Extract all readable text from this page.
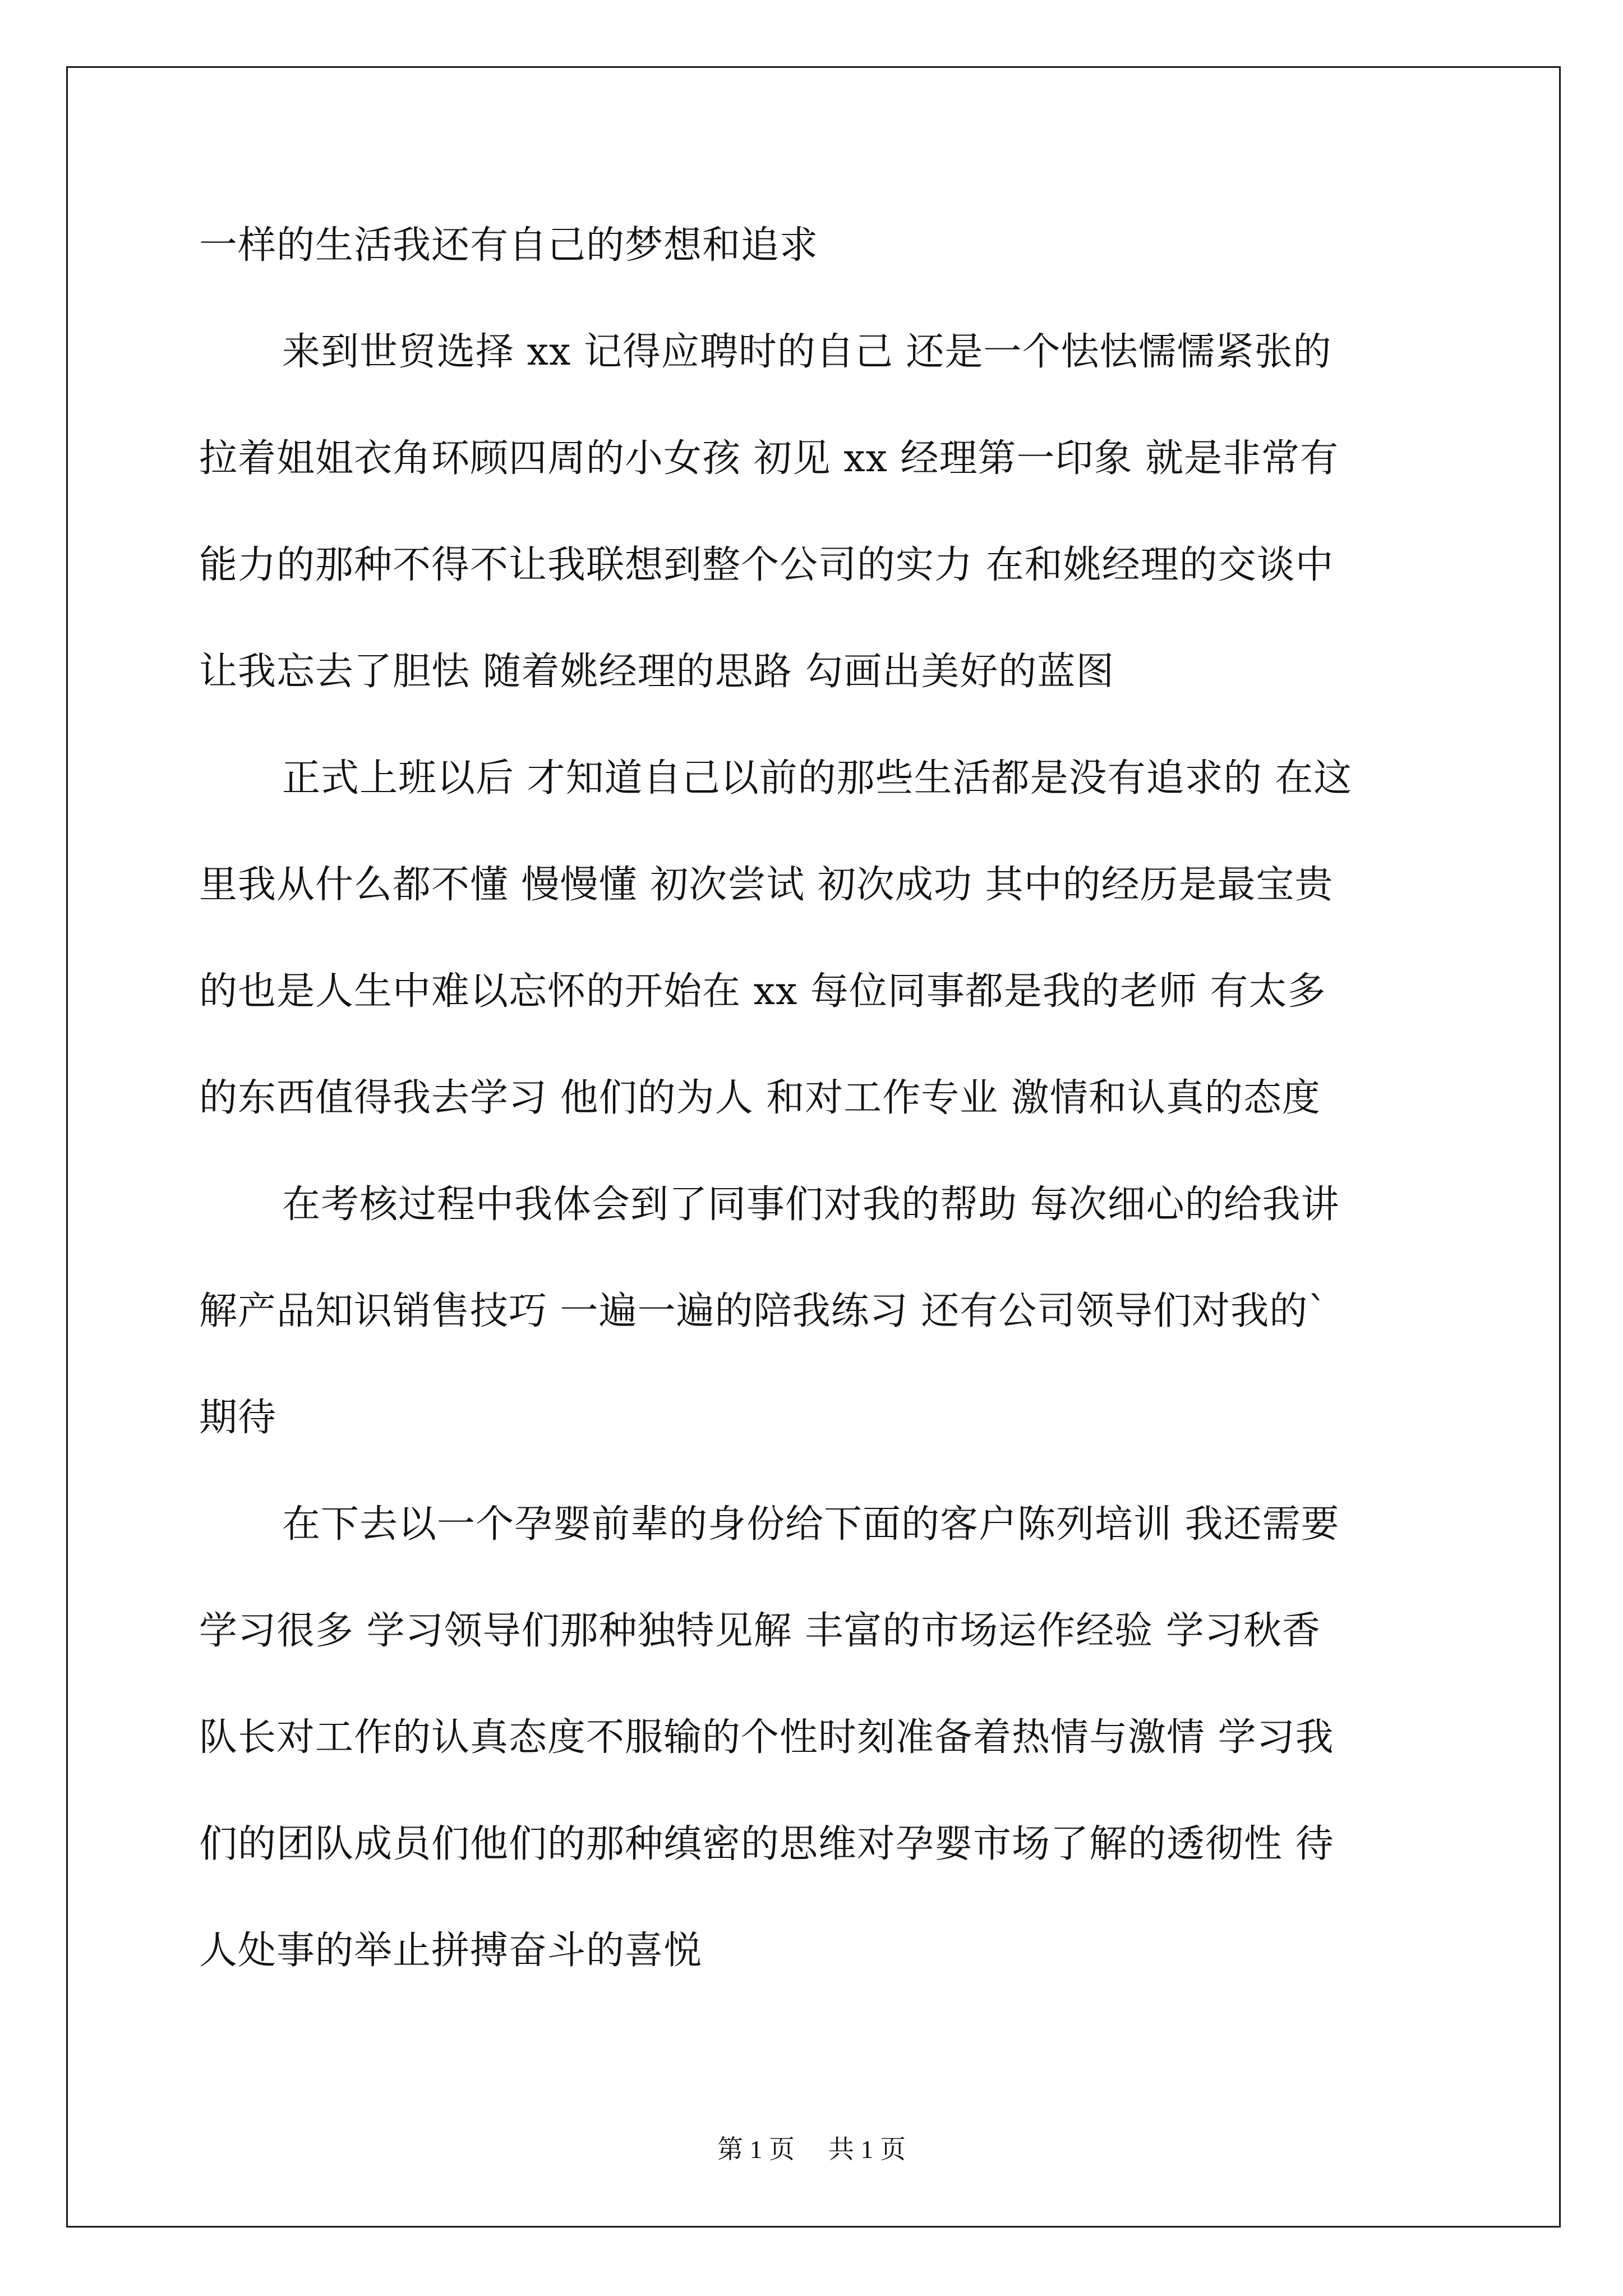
一样的生活我还有自己的梦想和追求
来到世贸选择 xx 记得应聘时的自己 还是一个怯怯懦懦紧张的
拉着姐姐衣角环顾四周的小女孩 初见 xx 经理第一印象 就是非常有
能力的那种不得不让我联想到整个公司的实力 在和姚经理的交谈中
让我忘去了胆怯 随着姚经理的思路 勾画出美好的蓝图
正式上班以后 才知道自己以前的那些生活都是没有追求的 在这
里我从什么都不懂 慢慢懂 初次尝试 初次成功 其中的经历是最宝贵
的也是人生中难以忘怀的开始在 xx 每位同事都是我的老师 有太多
的东西值得我去学习 他们的为人 和对工作专业 激情和认真的态度
在考核过程中我体会到了同事们对我的帮助 每次细心的给我讲
解产品知识销售技巧 一遍一遍的陪我练习 还有公司领导们对我的`
期待
在下去以一个孕婴前辈的身份给下面的客户陈列培训 我还需要
学习很多 学习领导们那种独特见解 丰富的市场运作经验 学习秋香
队长对工作的认真态度不服输的个性时刻准备着热情与激情 学习我
们的团队成员们他们的那种缜密的思维对孕婴市场了解的透彻性 待
人处事的举止拼搏奋斗的喜悦
第 1 页 共 1 页
